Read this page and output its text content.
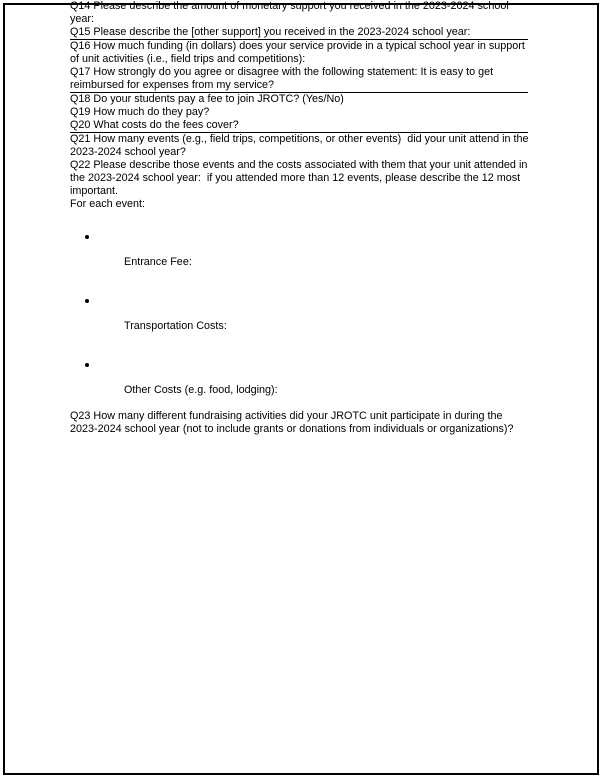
Q14 Please describe the amount of monetary support you received in the 2023-2024 school year:

Q15 Please describe the [other support] you received in the 2023-2024 school year:

Q16 How much funding (in dollars) does your service provide in a typical school year in support of unit activities (i.e., field trips and competitions):

Q17 How strongly do you agree or disagree with the following statement: It is easy to get reimbursed for expenses from my service?

Q18 Do your students pay a fee to join JROTC? (Yes/No)

Q19 How much do they pay?

Q20 What costs do the fees cover?

Q21 How many events (e.g., field trips, competitions, or other events)  did your unit attend in the 2023-2024 school year?

Q22 Please describe those events and the costs associated with them that your unit attended in the 2023-2024 school year:  if you attended more than 12 events, please describe the 12 most important.

For each event:

Entrance Fee:

Transportation Costs:

Other Costs (e.g. food, lodging):

Q23 How many different fundraising activities did your JROTC unit participate in during the 2023-2024 school year (not to include grants or donations from individuals or organizations)?
